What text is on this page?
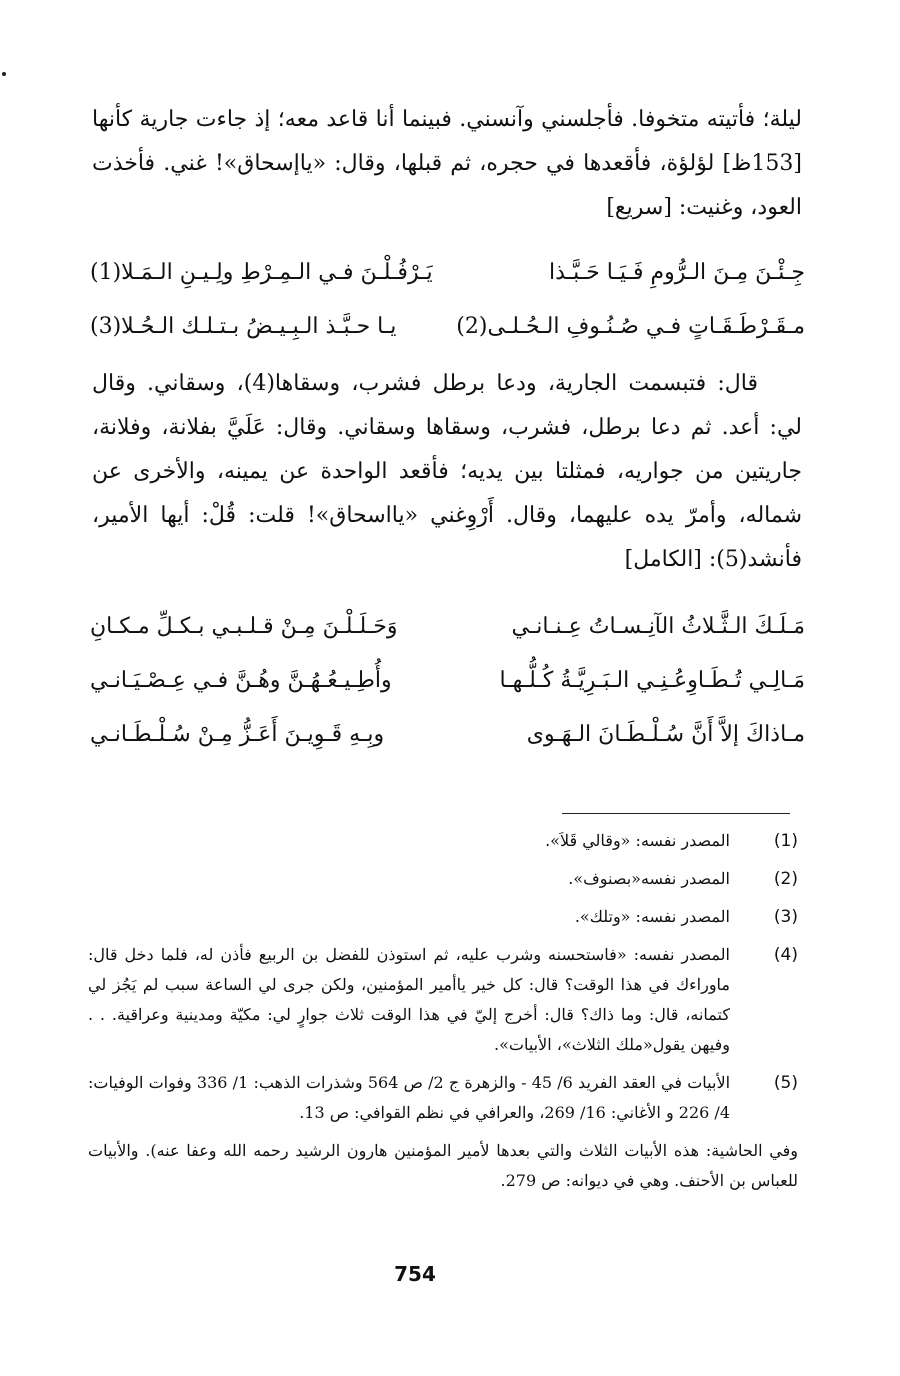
ليلة؛ فأتيته متخوفا. فأجلسني وآنسني. فبينما أنا قاعد معه؛ إذ جاءت جارية كأنها [153ظ] لؤلؤة، فأقعدها في حجره، ثم قبلها، وقال: «ياإسحاق»! غني. فأخذت العود، وغنيت: [سريع]

جِـئْـنَ مِـنَ الـرُّومِ فَـيَـا حَـبَّـذا
يَـرْفُـلْـنَ فـي الـمِـرْطِ ولِـيـنِ الـمَـلا(1)
مـقَـرْطَـقَـاتٍ فـي صُـنُـوفِ الـحُـلـى(2)
يـا حـبَّـذ الـبِـيـضُ بـتـلـك الـحُـلا(3)

قال: فتبسمت الجارية، ودعا برطل فشرب، وسقاها(4)، وسقاني. وقال لي: أعد. ثم دعا برطل، فشرب، وسقاها وسقاني. وقال: عَلَيَّ بفلانة، وفلانة، جاريتين من جواريه، فمثلتا بين يديه؛ فأقعد الواحدة عن يمينه، والأخرى عن شماله، وأمرّ يده عليهما، وقال. أَرْوِغني «يااسحاق»! قلت: قُلْ: أيها الأمير، فأنشد(5): [الكامل]

مَـلَـكَ الـثَّـلاثُ الآنِـسـاتُ عِـنـانـي
وَحَـلَـلْـنَ مِـنْ قـلـبـي بـكـلِّ مـكـانِ
مَـالِـي تُـطَـاوِعُـنِـي الـبَـرِيَّـةُ كُـلُّـهـا
وأُطِـيـعُـهُـنَّ وهُـنَّ فـي عِـصْـيَـانـي
مـاذاكَ إلاَّ أَنَّ سُـلْـطَـانَ الـهَـوى
وبِـهِ قَـوِيـنَ أَعَـزُّ مِـنْ سُـلْـطَـانـي
(1)

المصدر نفسه: «وقالي قَلاَ».

(2)

المصدر نفسه«بصنوف».

(3)

المصدر نفسه: «وتلك».

(4)

المصدر نفسه: «فاستحسنه وشرب عليه، ثم استوذن للفضل بن الربيع فأذن له، فلما دخل قال: ماوراءك في هذا الوقت؟ قال: كل خير ياأمير المؤمنين، ولكن جرى لي الساعة سبب لم يَجُز لي كتمانه، قال: وما ذاك؟ قال: أخرج إليّ في هذا الوقت ثلاث جوارٍ لي: مكيّة ومدينية وعراقية. . . وفيهن يقول«ملك الثلاث»، الأبيات».

(5)

الأبيات في العقد الفريد 6/ 45 - والزهرة ج 2/ ص 564 وشذرات الذهب: 1/ 336 وفوات الوفيات: 4/ 226 و الأغاني: 16/ 269، والعرافي في نظم القوافي: ص 13.

وفي الحاشية: هذه الأبيات الثلاث والتي بعدها لأمير المؤمنين هارون الرشيد رحمه الله وعفا عنه). والأبيات للعباس بن الأحنف. وهي في ديوانه: ص 279.

754
